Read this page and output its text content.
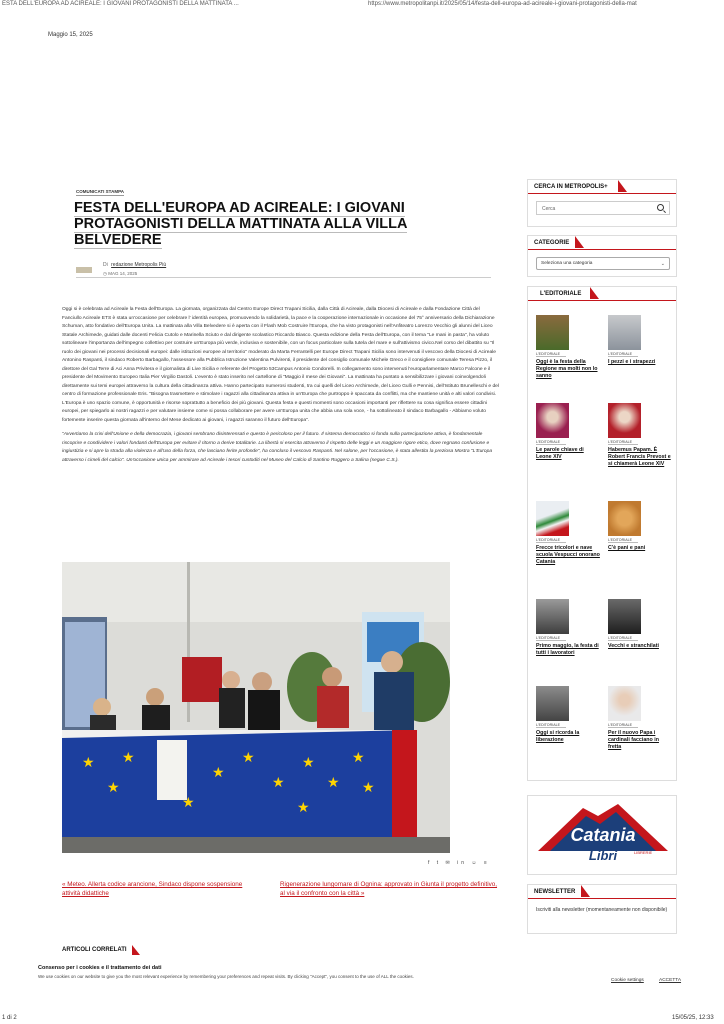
ESTA DELL'EUROPA AD ACIREALE: I GIOVANI PROTAGONISTI DELLA MATTINATA ...	https://www.metropolitanpi.it/2025/05/14/festa-dell-europa-ad-acireale-i-giovani-protagonisti-della-mat
Maggio 15, 2025
COMUNICATI STAMPA
FESTA DELL'EUROPA AD ACIREALE: I GIOVANI PROTAGONISTI DELLA MATTINATA ALLA VILLA BELVEDERE
Di redazione Metropolis Più
◷ MAG 14, 2025

Oggi si è celebrata ad Acireale la Festa dell'Europa. La giornata, organizzata dal Centro Europe Direct Trapani Sicilia, dalla Città di Acireale, dalla Diocesi di Acireale e dalla Fondazione Città del Fanciullo Acireale ETS è stata un'occasione per celebrare l' identità europea, promuovendo la solidarietà, la pace e la cooperazione internazionale in occasione del 75° anniversario della Dichiarazione Schuman, atto fondativo dell'Europa Unita. La mattinata alla Villa Belvedere si è aperta con il Flash Mob Costruire l'Europa, che ha visto protagonisti nell'Anfiteatro Lorenzo Vecchio gli alunni del Liceo Statale Archimede, guidati dalle docenti Felicia Cutolo e Marinella Sciuto e dal dirigente scolastico Riccardo Biasco. Questa edizione della Festa dell'Europa, con il tema "Le mani in pasta", ha voluto sottolineare l'importanza dell'impegno collettivo per costruire un'Europa più verde, inclusiva e sostenibile, con un focus particolare sulla tutela del mare e sull'attivismo civico.Nel corso del dibattito su "Il ruolo dei giovani nei processi decisionali europei: dalle istituzioni europee al territorio" moderato da Marta Ferrantelli per Europe Direct Trapani Sicilia sono intervenuti il vescovo della Diocesi di Acireale Antonino Raspanti, il sindaco Roberto Barbagallo, l'assessore alla Pubblica Istruzione Valentina Pulvirenti, il presidente del consiglio comunale Michele Greco e il consigliere comunale Teresa Pizzo, il direttore del Gal Terre di Aci Anna Privitera e il giornalista di Live Sicilia e referente del Progetto 53Campus Antonio Condorelli. In collegamento sono intervenuti l'europarlamentare Marco Falcone e il presidente del Movimento Europeo Italia Pier Virgilio Dastoli. L'evento è stato inserito nel cartellone di "Maggio il mese dei Giovani". La mattinata ha puntato a sensibilizzare i giovani coinvolgendoli direttamente sui temi europei attraverso la cultura della cittadinanza attiva. Hanno partecipato numerosi studenti, tra cui quelli del Liceo Archimede, del Liceo Gulli e Pennisi, dell'Istituto Brunelleschi e del centro di formazione professionale Eris. "Bisogna trasmettere e stimolare i ragazzi alla cittadinanza attiva in un'Europa che purtroppo è spaccata da conflitti, ma che mantiene unità e alti valori condivisi. L'Europa è uno spazio comune, è opportunità e risorse soprattutto a beneficio dei più giovani. Questa festa e questi momenti sono occasioni importanti per riflettere su cosa significa essere cittadini europei, per spiegarlo ai nostri ragazzi e per valutare insieme come si possa collaborare per avere un'Europa unita che abbia una sola voce, - ha sottolineato il sindaco Barbagallo - Abbiamo voluto fortemente inserire questa giornata all'interno del Mese dedicato ai giovani, i ragazzi saranno il futuro dell'Europa".

"Avvertiamo la crisi dell'Unione e della democrazia, i giovani sembrano disinteressati e questo è pericoloso per il futuro. Il sistema democratico si fonda sulla partecipazione attiva, è fondamentale riscoprire e condividere i valori fondanti dell'Europa per evitare il ritorno a derive totalitarie. La libertà si esercita attraverso il rispetto delle leggi e un maggiore rigore etico, dove regnano confusione e ingiustizia e si apre la strada alla violenza e all'uso della forza, che lasciano ferite profonde", ha concluso il vescovo Raspanti. Nel salone, per l'occasione, è stata allestita la preziosa Mostra "L'Europa attraverso i cimeli del calcio". Un'occasione unica per ammirare ad Acireale i tesori custoditi nel Museo del Calcio di Santino Ruggero a Salina (segue C.S.).

★
★
★
★
★
★
★
★
★
★
★	★
f t ✉ in ☺ ≡
« Meteo. Allerta codice arancione, Sindaco dispone sospensione attività didattiche
Rigenerazione lungomare di Ognina: approvato in Giunta il progetto definitivo, al via il confronto con la città »
ARTICOLI CORRELATI
Consenso per i cookies e il trattamento dei dati
We use cookies on our website to give you the most relevant experience by remembering your preferences and repeat visits. By clicking "Accept", you consent to the use of ALL the cookies.
Cookie settings	ACCETTA
1 di 2	15/05/25, 12:33
CERCA IN METROPOLIS+
Cerca
CATEGORIE
Seleziona una categoria	⌄
L'EDITORIALE
L'EDITORIALE
Oggi è la festa della Regione ma molti non lo sanno
L'EDITORIALE
I pezzi e i strapezzi
L'EDITORIALE
Le parole chiave di Leone XIV
L'EDITORIALE
Habemus Papam. È Robert Francis Prevost e si chiamerà Leone XIV
L'EDITORIALE
Frecce tricolori e nave scuola Vespucci onorano Catania
L'EDITORIALE
C'è pani e pani
L'EDITORIALE
Primo maggio, la festa di tutti i lavoratori
L'EDITORIALE
Vecchi e stranchilati
L'EDITORIALE
Oggi si ricorda la liberazione
L'EDITORIALE
Per il nuovo Papa i cardinali facciano in fretta
Catania
Libri	LIBRERIE
NEWSLETTER
Iscriviti alla newsletter (momentaneamente non disponibile)
